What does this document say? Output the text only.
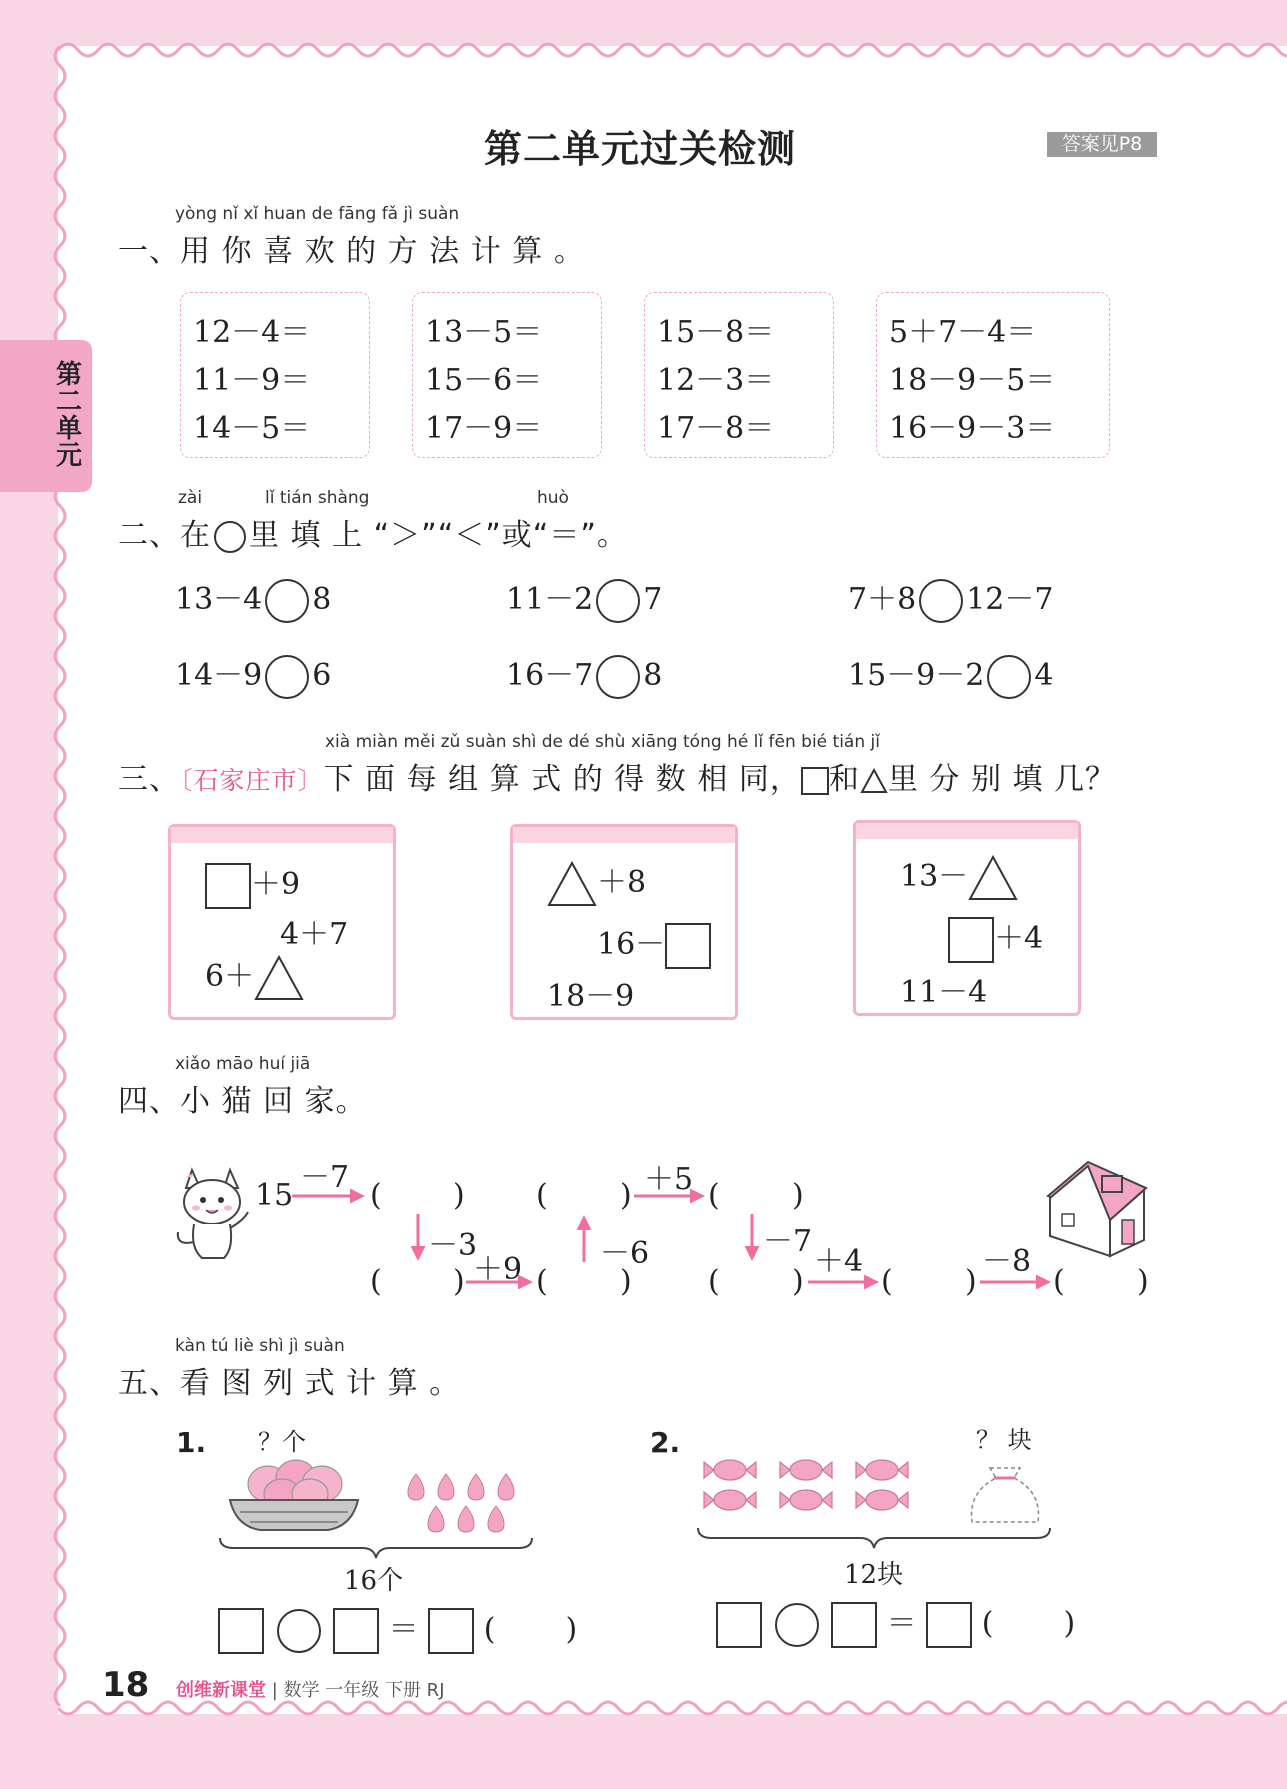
第二单元过关检测	答案见P8
第二单元
yòng nǐ xǐ huan de fāng fǎ jì suàn
一、用 你 喜 欢 的 方 法 计 算 。
12－4＝
11－9＝
14－5＝
13－5＝
15－6＝
17－9＝
15－8＝
12－3＝
17－8＝
5＋7－4＝
18－9－5＝
16－9－3＝
zài	lǐ tián shàng	huò
二、在 里 填 上 “＞”“＜”或“＝”。
13－4 8	11－2 7	7＋8 12－7
14－9 6	16－7 8	15－9－2 4
xià miàn měi zǔ suàn shì de dé shù xiāng tóng hé lǐ fēn bié tián jǐ
三、〔石家庄市〕下 面 每 组 算 式 的 得 数 相 同， 和 里 分 别 填 几？
＋9
4＋7
6＋
＋8
16－
18－9
13－
＋4
11－4
xiǎo māo huí jiā
四、小 猫 回 家。
15	( ) ( )	( )
( ) ( )	( )	( )	( )
－7
－3
＋9	－6
＋5
－7
＋4	－8
kàn tú liè shì jì suàn
五、看 图 列 式 计 算 。
1. ？个
16个
＝ ( )
2.	？ 块
12块
＝ ( )
18 创维新课堂 | 数学 一年级 下册 RJ
